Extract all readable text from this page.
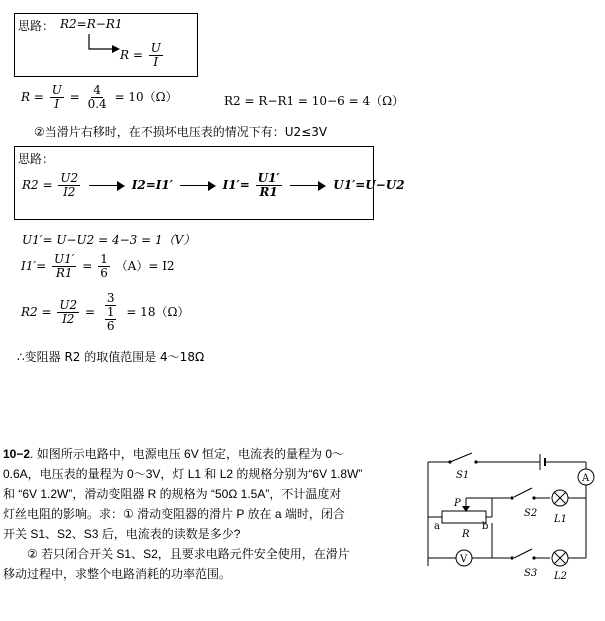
思路： R2=R−R1
$R = \frac{U}{I}$
$R = \frac{U}{I} = \frac{4}{0.4} = 10(\Omega)$	R2 = R−R1 = 10−6 = 4（Ω）
②当滑片右移时，在不损坏电压表的情况下有：U2≤3V
思路：
$R2 = \frac{U2}{I2}$	I2=I1′	$I1'= \frac{U1'}{R1}$	U1′=U−U2
U1′= U−U2 = 4−3 = 1（V）
$I1'= \frac{U1'}{R1} = \frac{1}{6} (A)= I2$
$R2 = \frac{U2}{I2} = \frac{3}{\frac{1}{6}} = 18(\Omega)$
∴变阻器 R2 的取值范围是 4～18Ω
10−2. 如图所示电路中，电源电压 6V 恒定，电流表的量程为 0～
0.6A，电压表的量程为 0～3V，灯 L1 和 L2 的规格分别为“6V 1.8W”
和 “6V 1.2W”，滑动变阻器 R 的规格为 “50Ω 1.5A”，不计温度对
灯丝电阻的影响。求：① 滑动变阻器的滑片 P 放在 a 端时，闭合
开关 S1、S2、S3 后，电流表的读数是多少?
② 若只闭合开关 S1、S2，且要求电路元件安全使用，在滑片
移动过程中，求整个电路消耗的功率范围。
S1	A
P
a	b
R
S2
L1
V
S3 L2
